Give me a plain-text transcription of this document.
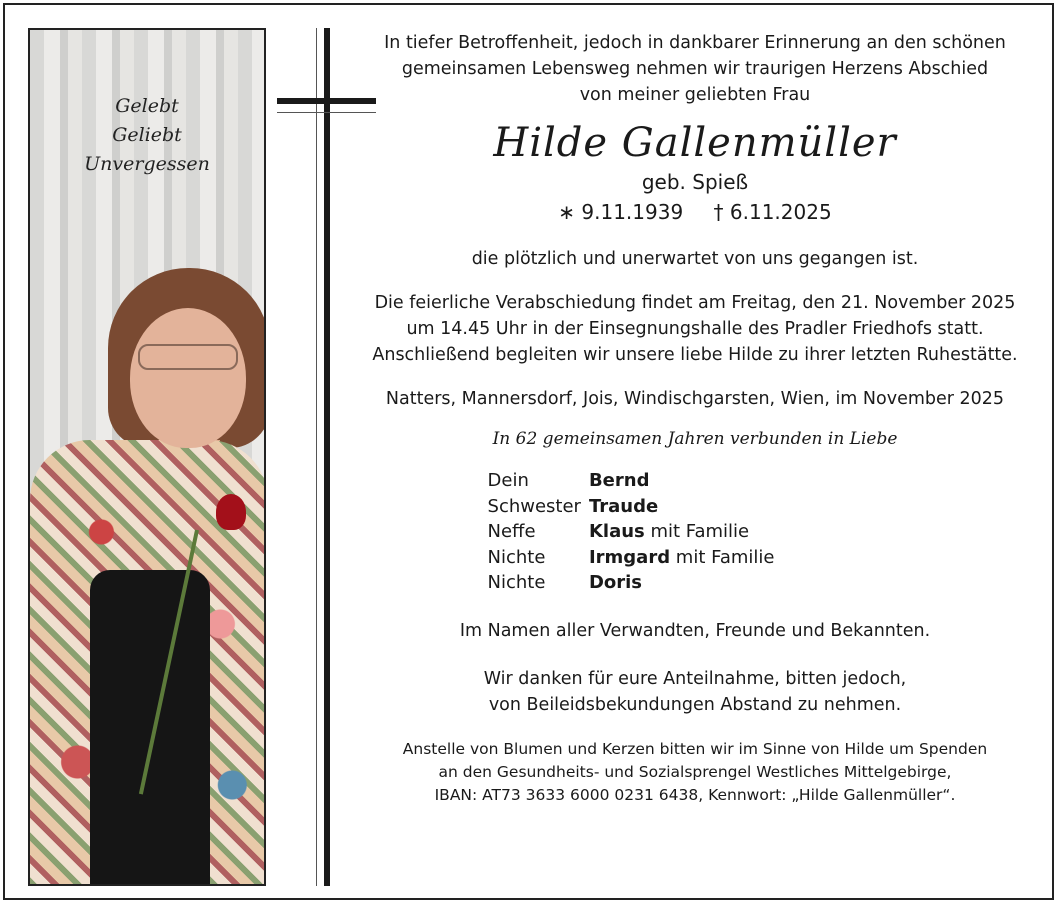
Gelebt
Geliebt
Unvergessen

In tiefer Betroffenheit, jedoch in dankbarer Erinnerung an den schönen

gemeinsamen Lebensweg nehmen wir traurigen Herzens Abschied

von meiner geliebten Frau

Hilde Gallenmüller
geb. Spieß
∗ 9.11.1939 † 6.11.2025

die plötzlich und unerwartet von uns gegangen ist.

Die feierliche Verabschiedung findet am Freitag, den 21. November 2025

um 14.45 Uhr in der Einsegnungshalle des Pradler Friedhofs statt.

Anschließend begleiten wir unsere liebe Hilde zu ihrer letzten Ruhestätte.

Natters, Mannersdorf, Jois, Windischgarsten, Wien, im November 2025

In 62 gemeinsamen Jahren verbunden in Liebe
Dein	Bernd
Schwester	Traude
Neffe	Klaus mit Familie
Nichte	Irmgard mit Familie
Nichte	Doris

Im Namen aller Verwandten, Freunde und Bekannten.

Wir danken für eure Anteilnahme, bitten jedoch,

von Beileidsbekundungen Abstand zu nehmen.

Anstelle von Blumen und Kerzen bitten wir im Sinne von Hilde um Spenden

an den Gesundheits- und Sozialsprengel Westliches Mittelgebirge,

IBAN: AT73 3633 6000 0231 6438, Kennwort: „Hilde Gallenmüller“.
